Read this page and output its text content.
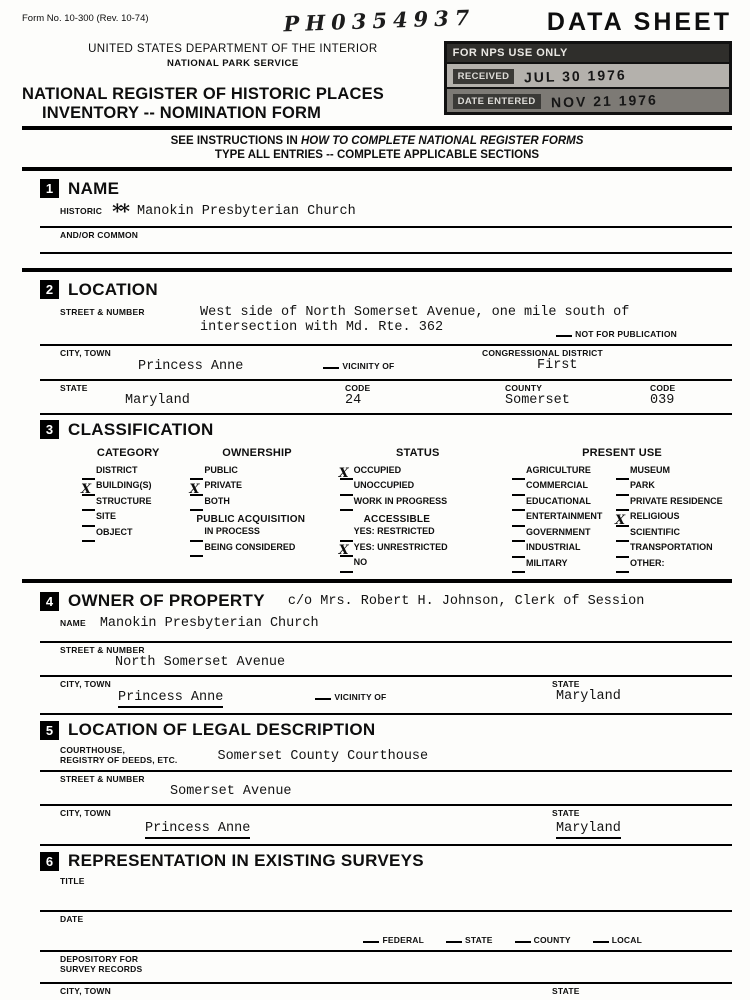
Form No. 10-300 (Rev. 10-74)	PH0354937	DATA SHEET
UNITED STATES DEPARTMENT OF THE INTERIOR
NATIONAL PARK SERVICE
NATIONAL REGISTER OF HISTORIC PLACES
INVENTORY -- NOMINATION FORM
FOR NPS USE ONLY
RECEIVED	JUL 30 1976
DATE ENTERED	NOV 21 1976
SEE INSTRUCTIONS IN HOW TO COMPLETE NATIONAL REGISTER FORMS
TYPE ALL ENTRIES -- COMPLETE APPLICABLE SECTIONS
1 NAME
HISTORIC ** Manokin Presbyterian Church
AND/OR COMMON
2 LOCATION
STREET & NUMBER	West side of North Somerset Avenue, one mile south of
intersection with Md. Rte. 362	NOT FOR PUBLICATION
CITY, TOWN
Princess Anne	VICINITY OF
CONGRESSIONAL DISTRICT
First
STATE
Maryland
CODE
24
COUNTY
Somerset
CODE
039
3 CLASSIFICATION
CATEGORY
DISTRICT
X BUILDING(S)
STRUCTURE
SITE
OBJECT
OWNERSHIP
PUBLIC
X PRIVATE
BOTH
PUBLIC ACQUISITION
IN PROCESS
BEING CONSIDERED
STATUS
X OCCUPIED
UNOCCUPIED
WORK IN PROGRESS
ACCESSIBLE
YES: RESTRICTED
X YES: UNRESTRICTED
NO
PRESENT USE
AGRICULTURE
COMMERCIAL
EDUCATIONAL
ENTERTAINMENT
GOVERNMENT
INDUSTRIAL
MILITARY
MUSEUM
PARK
PRIVATE RESIDENCE
X RELIGIOUS
SCIENTIFIC
TRANSPORTATION
OTHER:
4 OWNER OF PROPERTY c/o Mrs. Robert H. Johnson, Clerk of Session
NAME Manokin Presbyterian Church
STREET & NUMBER
North Somerset Avenue
CITY, TOWN
Princess Anne	VICINITY OF
STATE
Maryland
5 LOCATION OF LEGAL DESCRIPTION
COURTHOUSE,
REGISTRY OF DEEDS, ETC.	Somerset County Courthouse
STREET & NUMBER
Somerset Avenue
CITY, TOWN
Princess Anne
STATE
Maryland
6 REPRESENTATION IN EXISTING SURVEYS
TITLE
DATE
FEDERAL	STATE	COUNTY	LOCAL
DEPOSITORY FOR
SURVEY RECORDS
CITY, TOWN	STATE
